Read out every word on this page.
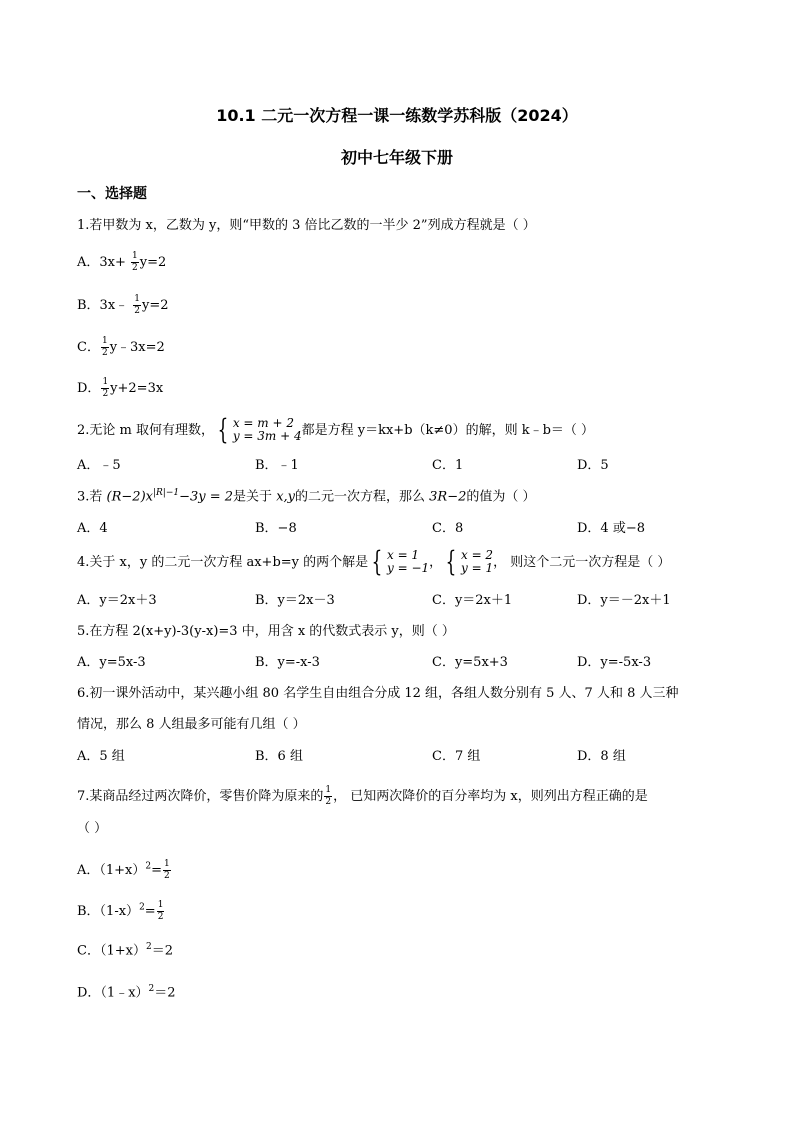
10.1 二元一次方程一课一练数学苏科版（2024）
初中七年级下册
一、选择题
1.若甲数为 x，乙数为 y，则“甲数的 3 倍比乙数的一半少 2”列成方程就是（ ）
A．$3x+ \frac{1}{2} y=2$
B．3x﹣ $\frac{1}{2} y=2$
C． $\frac{1}{2}$ y﹣3x=2
D． $\frac{1}{2} y+2=3x$
2.无论 m 取何有理数， { x = m + 2
y = 3m + 4 都是方程 y＝kx+b（k≠0）的解，则 k﹣b＝（ ）
A．﹣5	B．﹣1	C．1	D．5
3.若 $(R-2)x^{|R|-1}-3y = 2$是关于 x,y的二元一次方程，那么 3R−2的值为（ ）
A．4	B．−8	C．8	D．4 或−8
4.关于 x，y 的二元一次方程 ax+b=y 的两个解是 { x = 1
y = −1 ， { x = 2
y = 1 ， 则这个二元一次方程是（ ）
A．y＝2x＋3	B．y＝2x－3	C．y＝2x＋1	D．y＝－2x＋1
5.在方程 2(x+y)-3(y-x)=3 中，用含 x 的代数式表示 y，则（ ）
A．y=5x-3	B．y=-x-3	C．y=5x+3	D．y=-5x-3
6.初一课外活动中，某兴趣小组 80 名学生自由组合分成 12 组，各组人数分别有 5 人、7 人和 8 人三种
情况，那么 8 人组最多可能有几组（ ）
A．5 组	B．6 组	C．7 组	D．8 组
7.某商品经过两次降价，零售价降为原来的 $\frac{1}{2}$ ， 已知两次降价的百分率均为 x，则列出方程正确的是
（ ）
A．$(1+x)^2= \frac{1}{2}$
B．$(1-x)^2= \frac{1}{2}$
C．$(1+x)^2=2$
D．（1﹣x）$^2$＝2
